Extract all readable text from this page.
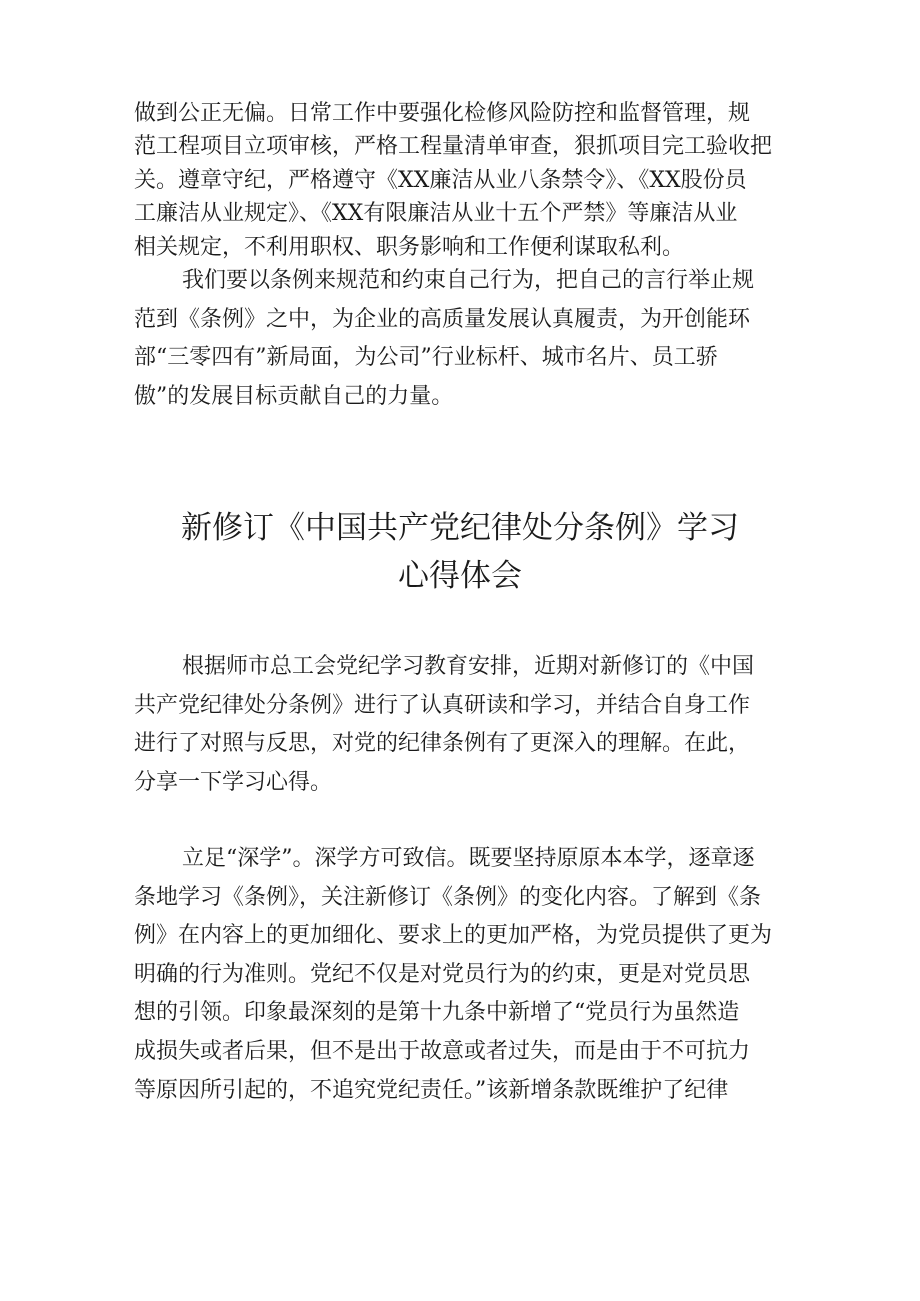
做到公正无偏。日常工作中要强化检修风险防控和监督管理，规
范工程项目立项审核，严格工程量清单审查，狠抓项目完工验收把
关。遵章守纪，严格遵守《XX廉洁从业八条禁令》、《XX股份员
工廉洁从业规定》、《XX有限廉洁从业十五个严禁》等廉洁从业
相关规定，不利用职权、职务影响和工作便利谋取私利。
我们要以条例来规范和约束自己行为，把自己的言行举止规
范到《条例》之中，为企业的高质量发展认真履责，为开创能环
部“三零四有”新局面，为公司”行业标杆、城市名片、员工骄
傲”的发展目标贡献自己的力量。
新修订《中国共产党纪律处分条例》学习
心得体会
根据师市总工会党纪学习教育安排，近期对新修订的《中国
共产党纪律处分条例》进行了认真研读和学习，并结合自身工作
进行了对照与反思，对党的纪律条例有了更深入的理解。在此，
分享一下学习心得。
立足“深学”。深学方可致信。既要坚持原原本本学，逐章逐
条地学习《条例》，关注新修订《条例》的变化内容。了解到《条
例》在内容上的更加细化、要求上的更加严格，为党员提供了更为
明确的行为准则。党纪不仅是对党员行为的约束，更是对党员思
想的引领。印象最深刻的是第十九条中新增了“党员行为虽然造
成损失或者后果，但不是出于故意或者过失，而是由于不可抗力
等原因所引起的，不追究党纪责任。”该新增条款既维护了纪律
